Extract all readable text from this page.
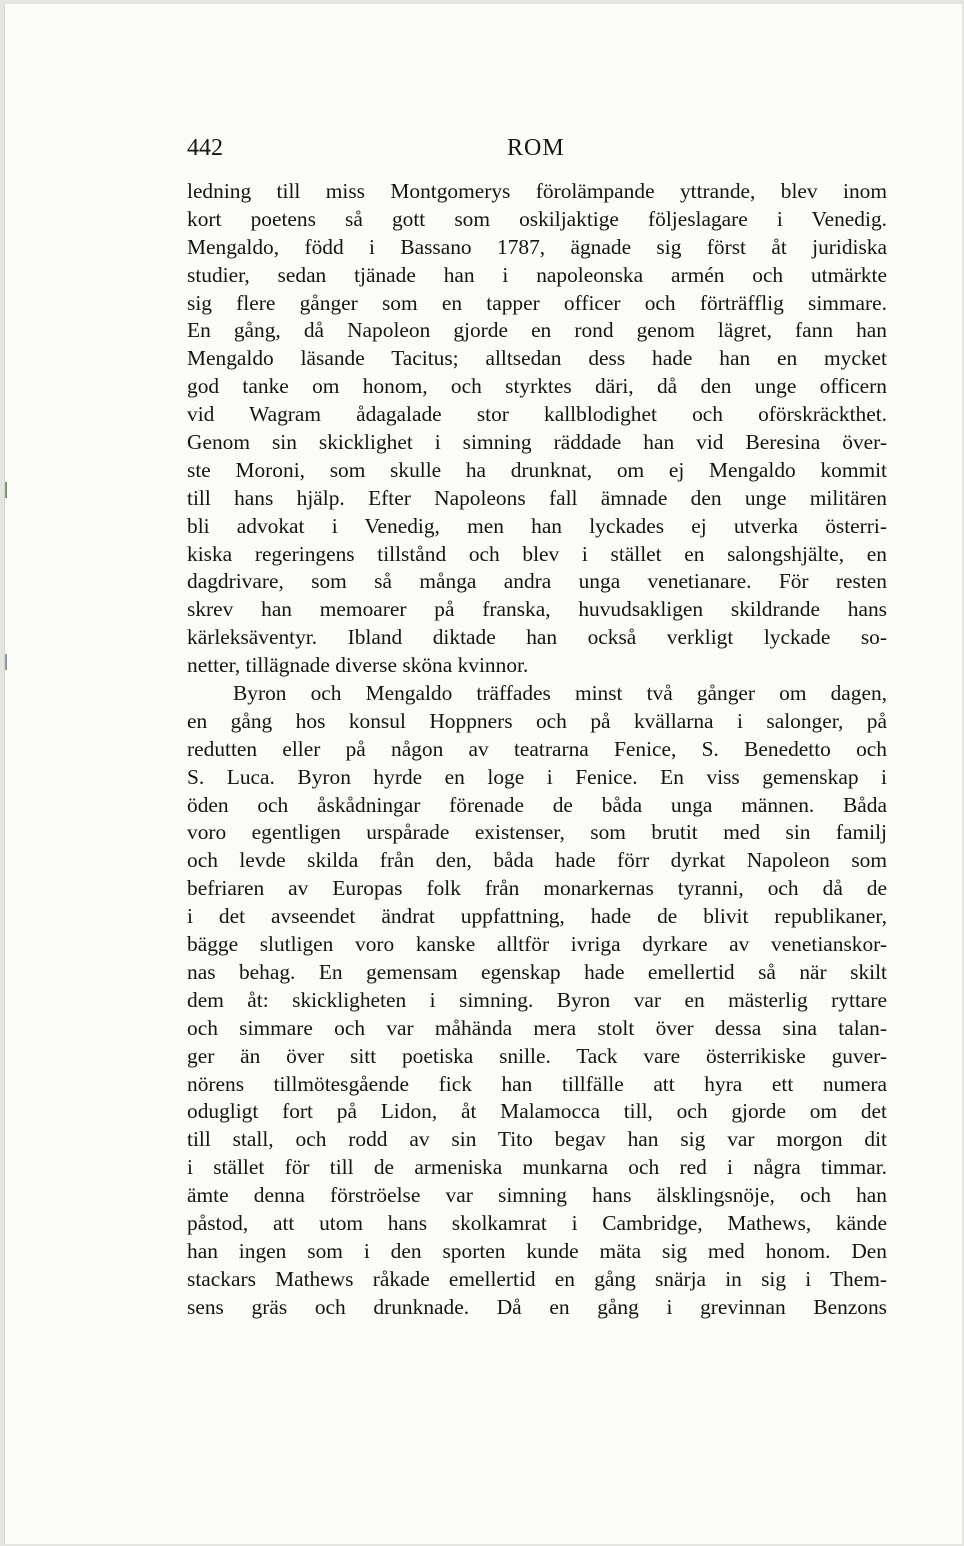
442	ROM
ledning till miss Montgomerys förolämpande yttrande, blev inom
kort poetens så gott som oskiljaktige följeslagare i Venedig.
Mengaldo, född i Bassano 1787, ägnade sig först åt juridiska
studier, sedan tjänade han i napoleonska armén och utmärkte
sig flere gånger som en tapper officer och förträfflig simmare.
En gång, då Napoleon gjorde en rond genom lägret, fann han
Mengaldo läsande Tacitus; alltsedan dess hade han en mycket
god tanke om honom, och styrktes däri, då den unge officern
vid Wagram ådagalade stor kallblodighet och oförskräckthet.
Genom sin skicklighet i simning räddade han vid Beresina över-
ste Moroni, som skulle ha drunknat, om ej Mengaldo kommit
till hans hjälp. Efter Napoleons fall ämnade den unge militären
bli advokat i Venedig, men han lyckades ej utverka österri-
kiska regeringens tillstånd och blev i stället en salongshjälte, en
dagdrivare, som så många andra unga venetianare. För resten
skrev han memoarer på franska, huvudsakligen skildrande hans
kärleksäventyr. Ibland diktade han också verkligt lyckade so-
netter, tillägnade diverse sköna kvinnor.
Byron och Mengaldo träffades minst två gånger om dagen,
en gång hos konsul Hoppners och på kvällarna i salonger, på
redutten eller på någon av teatrarna Fenice, S. Benedetto och
S. Luca. Byron hyrde en loge i Fenice. En viss gemenskap i
öden och åskådningar förenade de båda unga männen. Båda
voro egentligen urspårade existenser, som brutit med sin familj
och levde skilda från den, båda hade förr dyrkat Napoleon som
befriaren av Europas folk från monarkernas tyranni, och då de
i det avseendet ändrat uppfattning, hade de blivit republikaner,
bägge slutligen voro kanske alltför ivriga dyrkare av venetianskor-
nas behag. En gemensam egenskap hade emellertid så när skilt
dem åt: skickligheten i simning. Byron var en mästerlig ryttare
och simmare och var måhända mera stolt över dessa sina talan-
ger än över sitt poetiska snille. Tack vare österrikiske guver-
nörens tillmötesgående fick han tillfälle att hyra ett numera
odugligt fort på Lidon, åt Malamocca till, och gjorde om det
till stall, och rodd av sin Tito begav han sig var morgon dit
i stället för till de armeniska munkarna och red i några timmar.
ämte denna förströelse var simning hans älsklingsnöje, och han
påstod, att utom hans skolkamrat i Cambridge, Mathews, kände
han ingen som i den sporten kunde mäta sig med honom. Den
stackars Mathews råkade emellertid en gång snärja in sig i Them-
sens gräs och drunknade. Då en gång i grevinnan Benzons
